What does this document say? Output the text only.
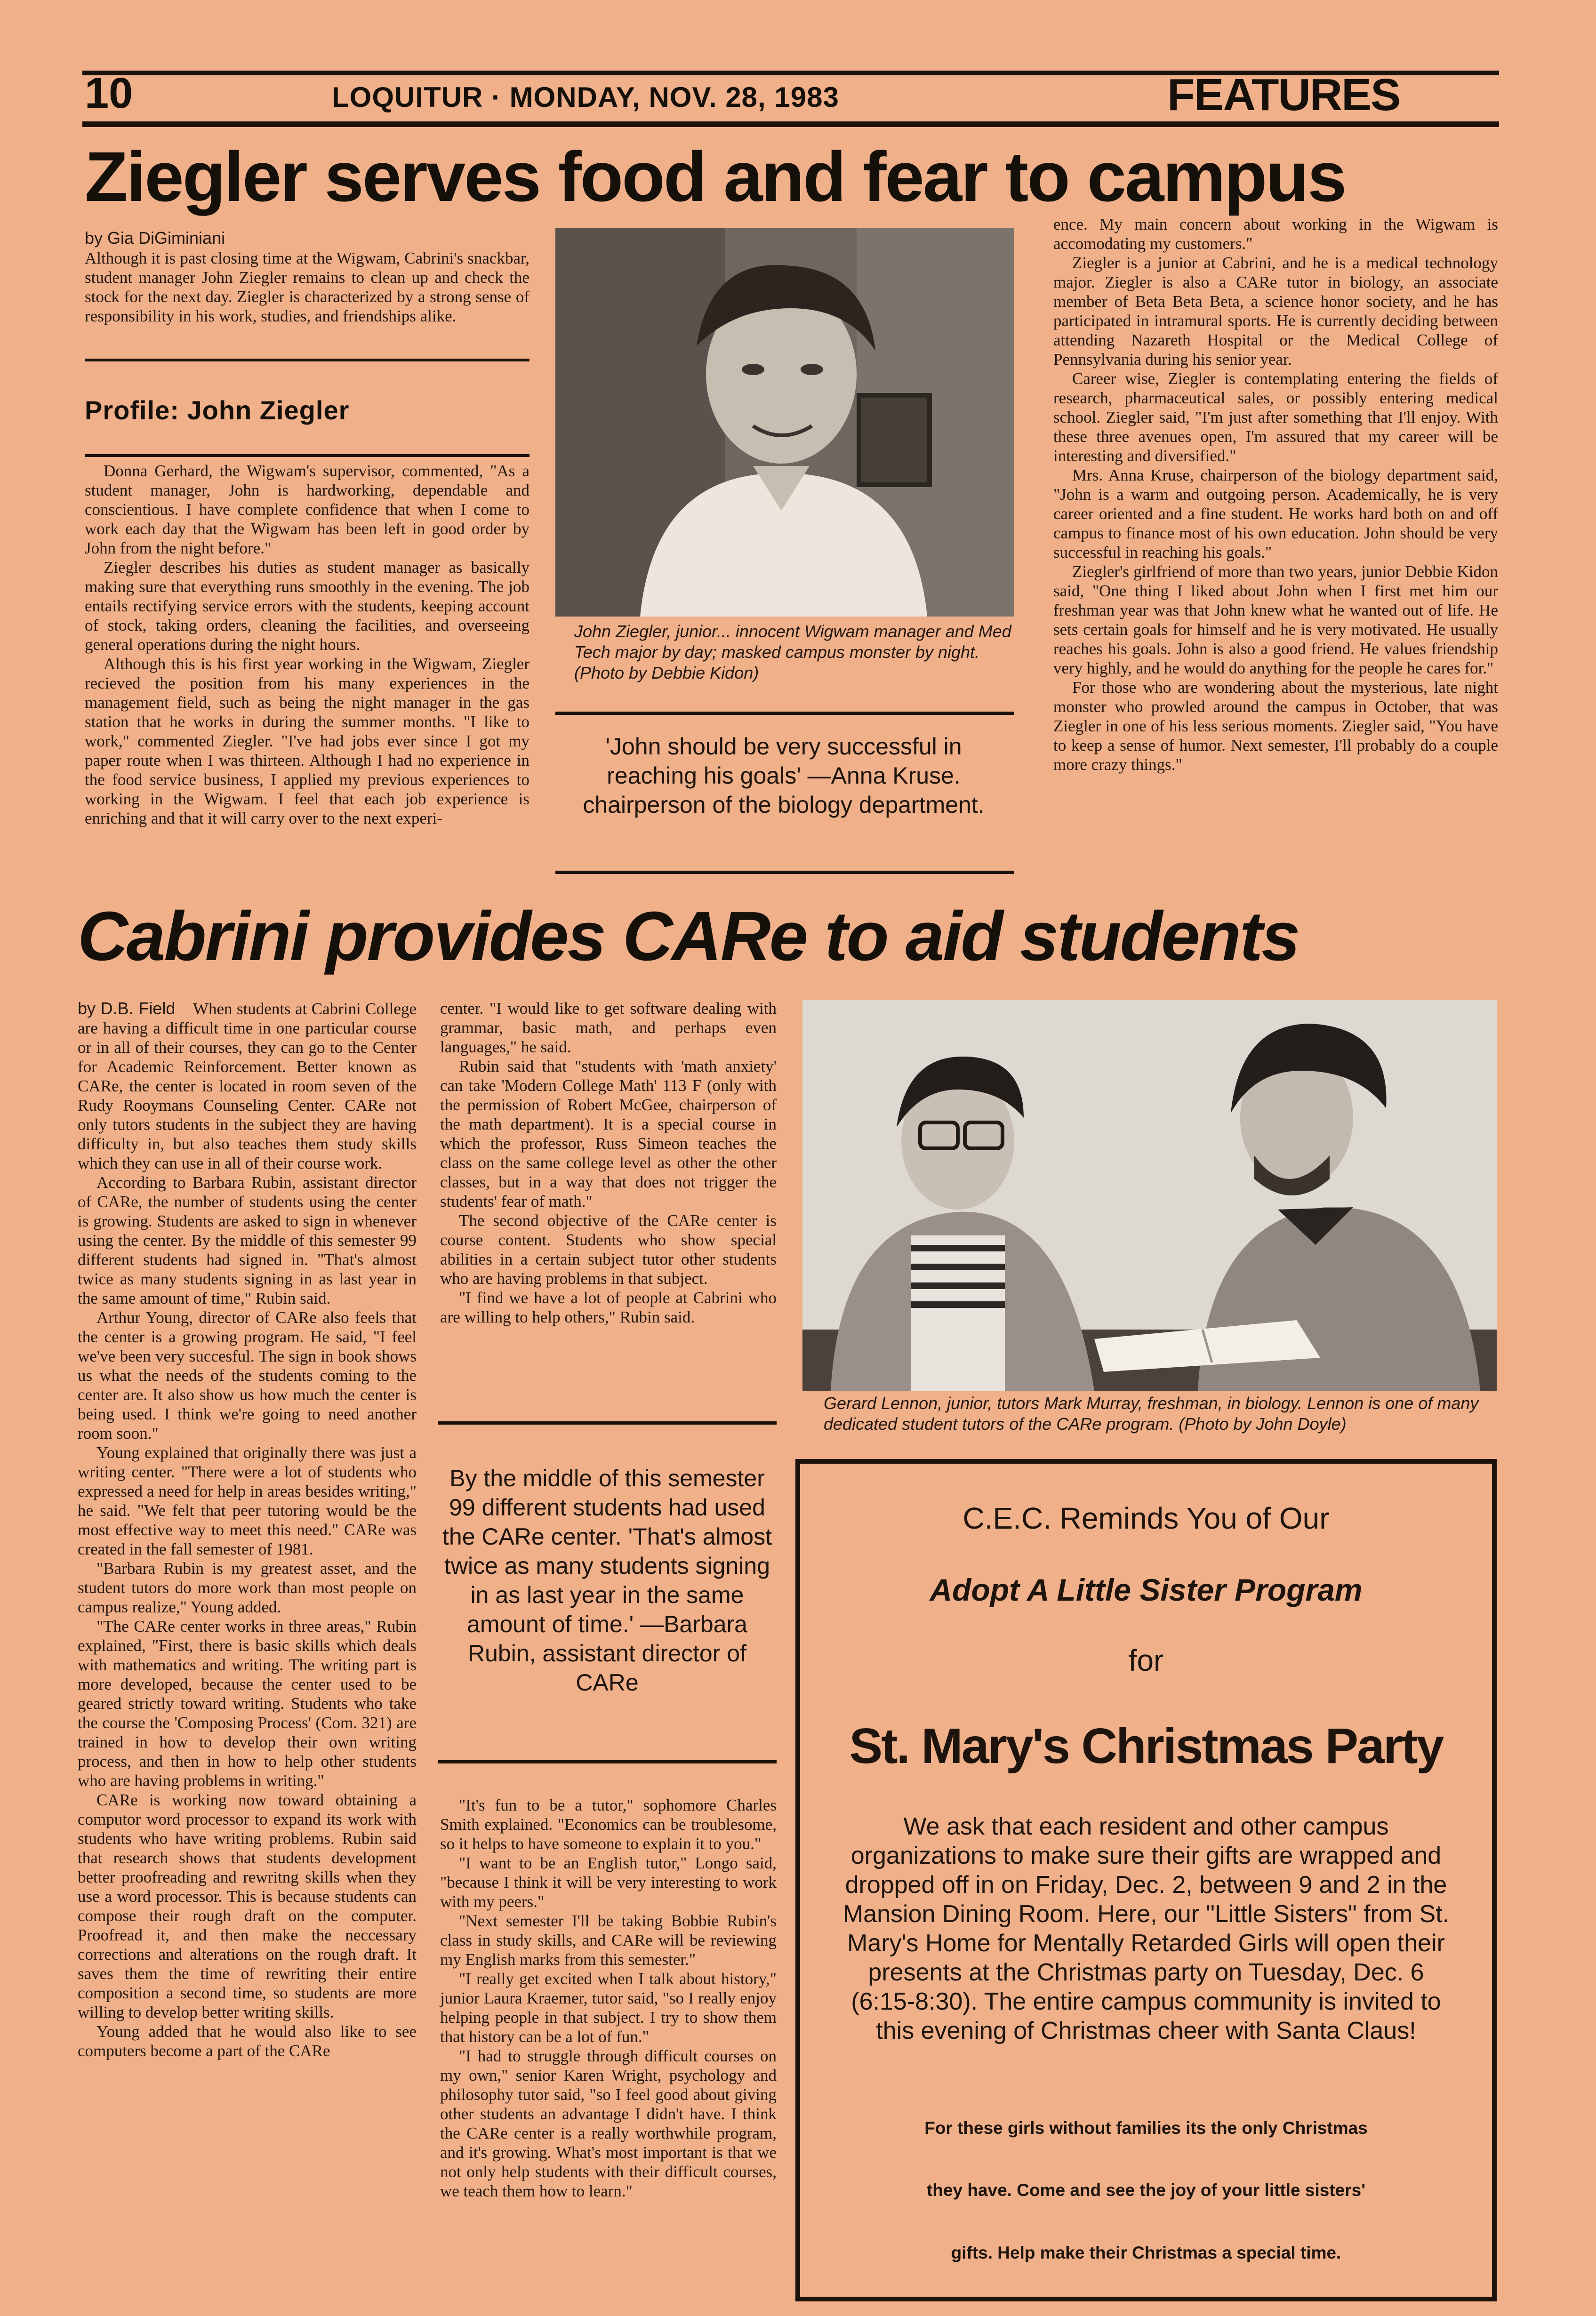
10	LOQUITUR · MONDAY, NOV. 28, 1983	FEATURES
Ziegler serves food and fear to campus
by Gia DiGiminiani

Although it is past closing time at the Wigwam, Cabrini's snackbar, student manager John Ziegler remains to clean up and check the stock for the next day. Ziegler is characterized by a strong sense of responsibility in his work, studies, and friendships alike.

Profile: John Ziegler

Donna Gerhard, the Wigwam's supervisor, commented, "As a student manager, John is hardworking, dependable and conscientious. I have complete confidence that when I come to work each day that the Wigwam has been left in good order by John from the night before."

Ziegler describes his duties as student manager as basically making sure that everything runs smoothly in the evening. The job entails rectifying service errors with the students, keeping account of stock, taking orders, cleaning the facilities, and overseeing general operations during the night hours.

Although this is his first year working in the Wigwam, Ziegler recieved the position from his many experiences in the management field, such as being the night manager in the gas station that he works in during the summer months. "I like to work," commented Ziegler. "I've had jobs ever since I got my paper route when I was thirteen. Although I had no experience in the food service business, I applied my previous experiences to working in the Wigwam. I feel that each job experience is enriching and that it will carry over to the next experi-

John Ziegler, junior... innocent Wigwam manager and Med Tech major by day; masked campus monster by night. (Photo by Debbie Kidon)
'John should be very successful in reaching his goals' —Anna Kruse. chairperson of the biology department.

ence. My main concern about working in the Wigwam is accomodating my customers."

Ziegler is a junior at Cabrini, and he is a medical technology major. Ziegler is also a CARe tutor in biology, an associate member of Beta Beta Beta, a science honor society, and he has participated in intramural sports. He is currently deciding between attending Nazareth Hospital or the Medical College of Pennsylvania during his senior year.

Career wise, Ziegler is contemplating entering the fields of research, pharmaceutical sales, or possibly entering medical school. Ziegler said, "I'm just after something that I'll enjoy. With these three avenues open, I'm assured that my career will be interesting and diversified."

Mrs. Anna Kruse, chairperson of the biology department said, "John is a warm and outgoing person. Academically, he is very career oriented and a fine student. He works hard both on and off campus to finance most of his own education. John should be very successful in reaching his goals."

Ziegler's girlfriend of more than two years, junior Debbie Kidon said, "One thing I liked about John when I first met him our freshman year was that John knew what he wanted out of life. He sets certain goals for himself and he is very motivated. He usually reaches his goals. John is also a good friend. He values friendship very highly, and he would do anything for the people he cares for."

For those who are wondering about the mysterious, late night monster who prowled around the campus in October, that was Ziegler in one of his less serious moments. Ziegler said, "You have to keep a sense of humor. Next semester, I'll probably do a couple more crazy things."

Cabrini provides CARe to aid students

by D.B. Field When students at Cabrini College are having a difficult time in one particular course or in all of their courses, they can go to the Center for Academic Reinforcement. Better known as CARe, the center is located in room seven of the Rudy Rooymans Counseling Center. CARe not only tutors students in the subject they are having difficulty in, but also teaches them study skills which they can use in all of their course work.

According to Barbara Rubin, assistant director of CARe, the number of students using the center is growing. Students are asked to sign in whenever using the center. By the middle of this semester 99 different students had signed in. "That's almost twice as many students signing in as last year in the same amount of time," Rubin said.

Arthur Young, director of CARe also feels that the center is a growing program. He said, "I feel we've been very succesful. The sign in book shows us what the needs of the students coming to the center are. It also show us how much the center is being used. I think we're going to need another room soon."

Young explained that originally there was just a writing center. "There were a lot of students who expressed a need for help in areas besides writing," he said. "We felt that peer tutoring would be the most effective way to meet this need." CARe was created in the fall semester of 1981.

"Barbara Rubin is my greatest asset, and the student tutors do more work than most people on campus realize," Young added.

"The CARe center works in three areas," Rubin explained, "First, there is basic skills which deals with mathematics and writing. The writing part is more developed, because the center used to be geared strictly toward writing. Students who take the course the 'Composing Process' (Com. 321) are trained in how to develop their own writing process, and then in how to help other students who are having problems in writing."

CARe is working now toward obtaining a computor word processor to expand its work with students who have writing problems. Rubin said that research shows that students development better proofreading and rewritng skills when they use a word processor. This is because students can compose their rough draft on the computer. Proofread it, and then make the neccessary corrections and alterations on the rough draft. It saves them the time of rewriting their entire composition a second time, so students are more willing to develop better writing skills.

Young added that he would also like to see computers become a part of the CARe

center. "I would like to get software dealing with grammar, basic math, and perhaps even languages," he said.

Rubin said that "students with 'math anxiety' can take 'Modern College Math' 113 F (only with the permission of Robert McGee, chairperson of the math department). It is a special course in which the professor, Russ Simeon teaches the class on the same college level as other the other classes, but in a way that does not trigger the students' fear of math."

The second objective of the CARe center is course content. Students who show special abilities in a certain subject tutor other students who are having problems in that subject.

"I find we have a lot of people at Cabrini who are willing to help others," Rubin said.

By the middle of this semester 99 different students had used the CARe center. 'That's almost twice as many students signing in as last year in the same amount of time.' —Barbara Rubin, assistant director of CARe

"It's fun to be a tutor," sophomore Charles Smith explained. "Economics can be troublesome, so it helps to have someone to explain it to you."

"I want to be an English tutor," Longo said, "because I think it will be very interesting to work with my peers."

"Next semester I'll be taking Bobbie Rubin's class in study skills, and CARe will be reviewing my English marks from this semester."

"I really get excited when I talk about history," junior Laura Kraemer, tutor said, "so I really enjoy helping people in that subject. I try to show them that history can be a lot of fun."

"I had to struggle through difficult courses on my own," senior Karen Wright, psychology and philosophy tutor said, "so I feel good about giving other students an advantage I didn't have. I think the CARe center is a really worthwhile program, and it's growing. What's most important is that we not only help students with their difficult courses, we teach them how to learn."

Gerard Lennon, junior, tutors Mark Murray, freshman, in biology. Lennon is one of many dedicated student tutors of the CARe program. (Photo by John Doyle)
C.E.C. Reminds You of Our
Adopt A Little Sister Program
for
St. Mary's Christmas Party
We ask that each resident and other campus organizations to make sure their gifts are wrapped and dropped off in on Friday, Dec. 2, between 9 and 2 in the Mansion Dining Room. Here, our "Little Sisters" from St. Mary's Home for Mentally Retarded Girls will open their presents at the Christmas party on Tuesday, Dec. 6 (6:15-8:30). The entire campus community is invited to this evening of Christmas cheer with Santa Claus!
For these girls without families its the only Christmas
they have. Come and see the joy of your little sisters'
gifts. Help make their Christmas a special time.
